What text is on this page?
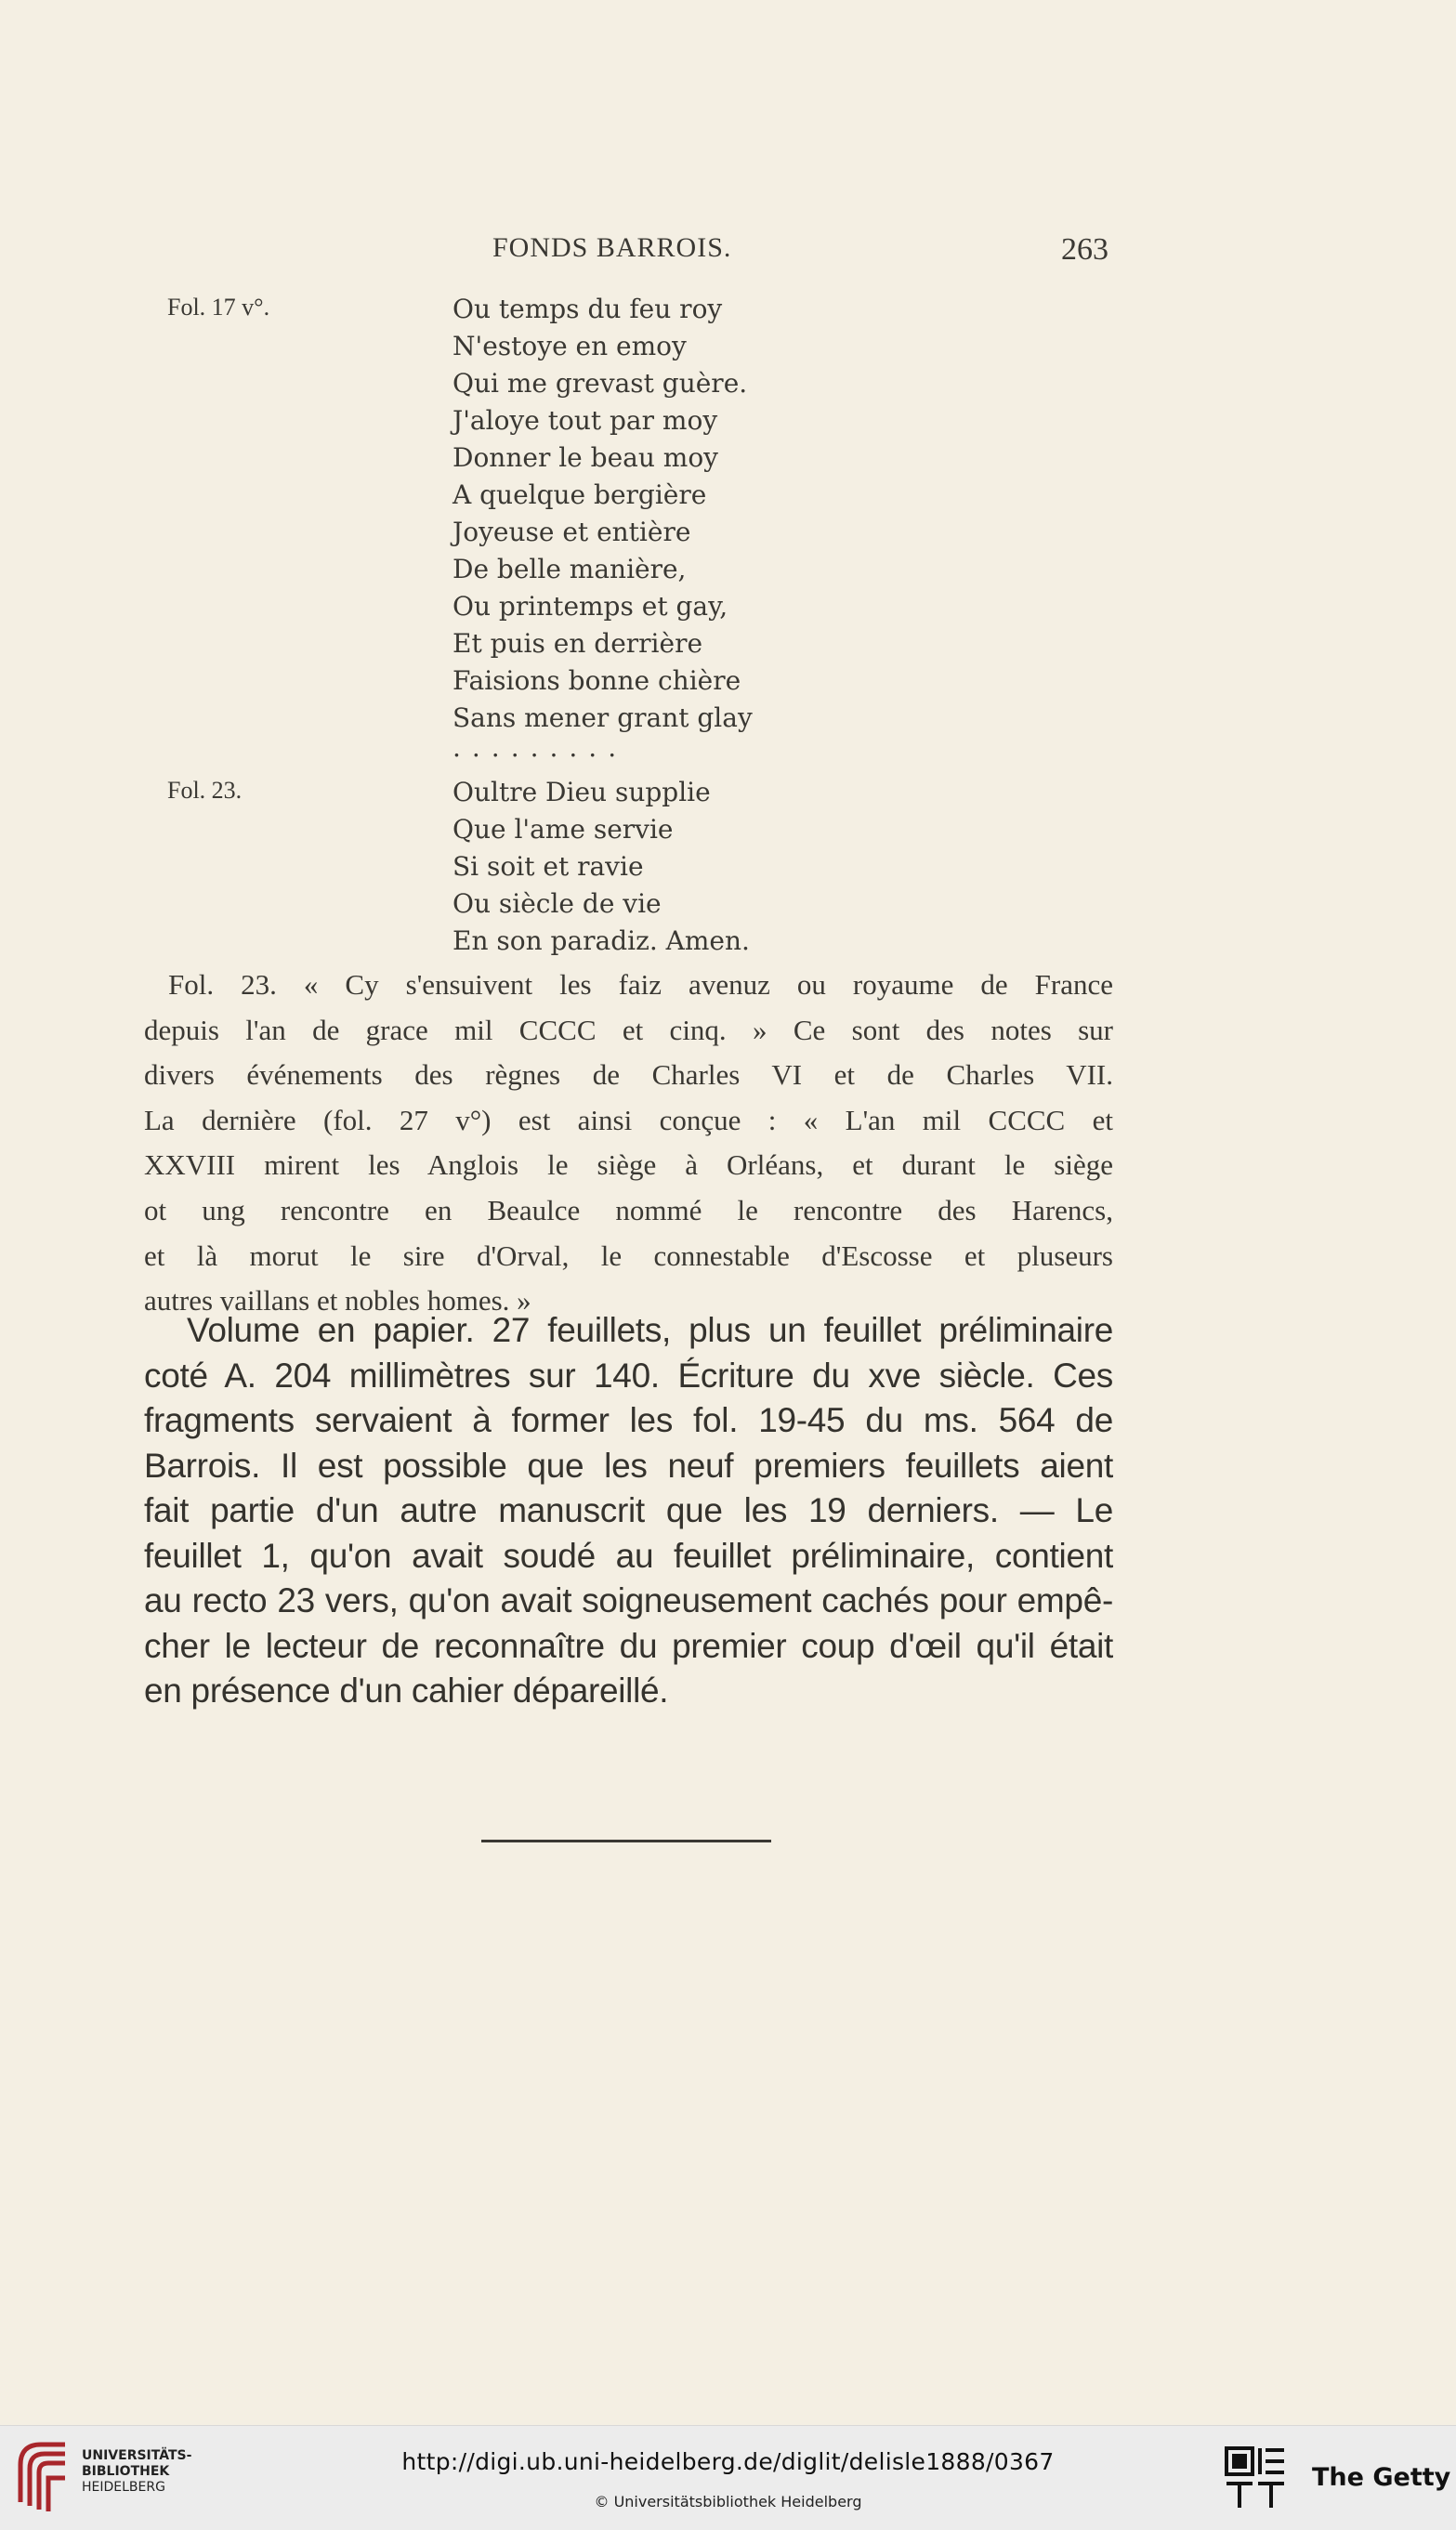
FONDS BARROIS.	263
Fol. 17 v°.	Ou temps du feu roy
N'estoye en emoy
Qui me grevast guère.
J'aloye tout par moy
Donner le beau moy
A quelque bergière
Joyeuse et entière
De belle manière,
Ou printemps et gay,
Et puis en derrière
Faisions bonne chière
Sans mener grant glay
.........
Fol. 23.	Oultre Dieu supplie
Que l'ame servie
Si soit et ravie
Ou siècle de vie
En son paradiz. Amen.
Fol. 23. « Cy s'ensuivent les faiz avenuz ou royaume de France
depuis l'an de grace mil CCCC et cinq. » Ce sont des notes sur
divers événements des règnes de Charles VI et de Charles VII.
La dernière (fol. 27 v°) est ainsi conçue : « L'an mil CCCC et
XXVIII mirent les Anglois le siège à Orléans, et durant le siège
ot ung rencontre en Beaulce nommé le rencontre des Harencs,
et là morut le sire d'Orval, le connestable d'Escosse et pluseurs
autres vaillans et nobles homes. »
Volume en papier. 27 feuillets, plus un feuillet préliminaire
coté A. 204 millimètres sur 140. Écriture du xve siècle. Ces
fragments servaient à former les fol. 19-45 du ms. 564 de
Barrois. Il est possible que les neuf premiers feuillets aient
fait partie d'un autre manuscrit que les 19 derniers. — Le
feuillet 1, qu'on avait soudé au feuillet préliminaire, contient
au recto 23 vers, qu'on avait soigneusement cachés pour empê-
cher le lecteur de reconnaître du premier coup d'œil qu'il était
en présence d'un cahier dépareillé.
UNIVERSITÄTS-
BIBLIOTHEK
HEIDELBERG
http://digi.ub.uni-heidelberg.de/diglit/delisle1888/0367
© Universitätsbibliothek Heidelberg
The Getty
